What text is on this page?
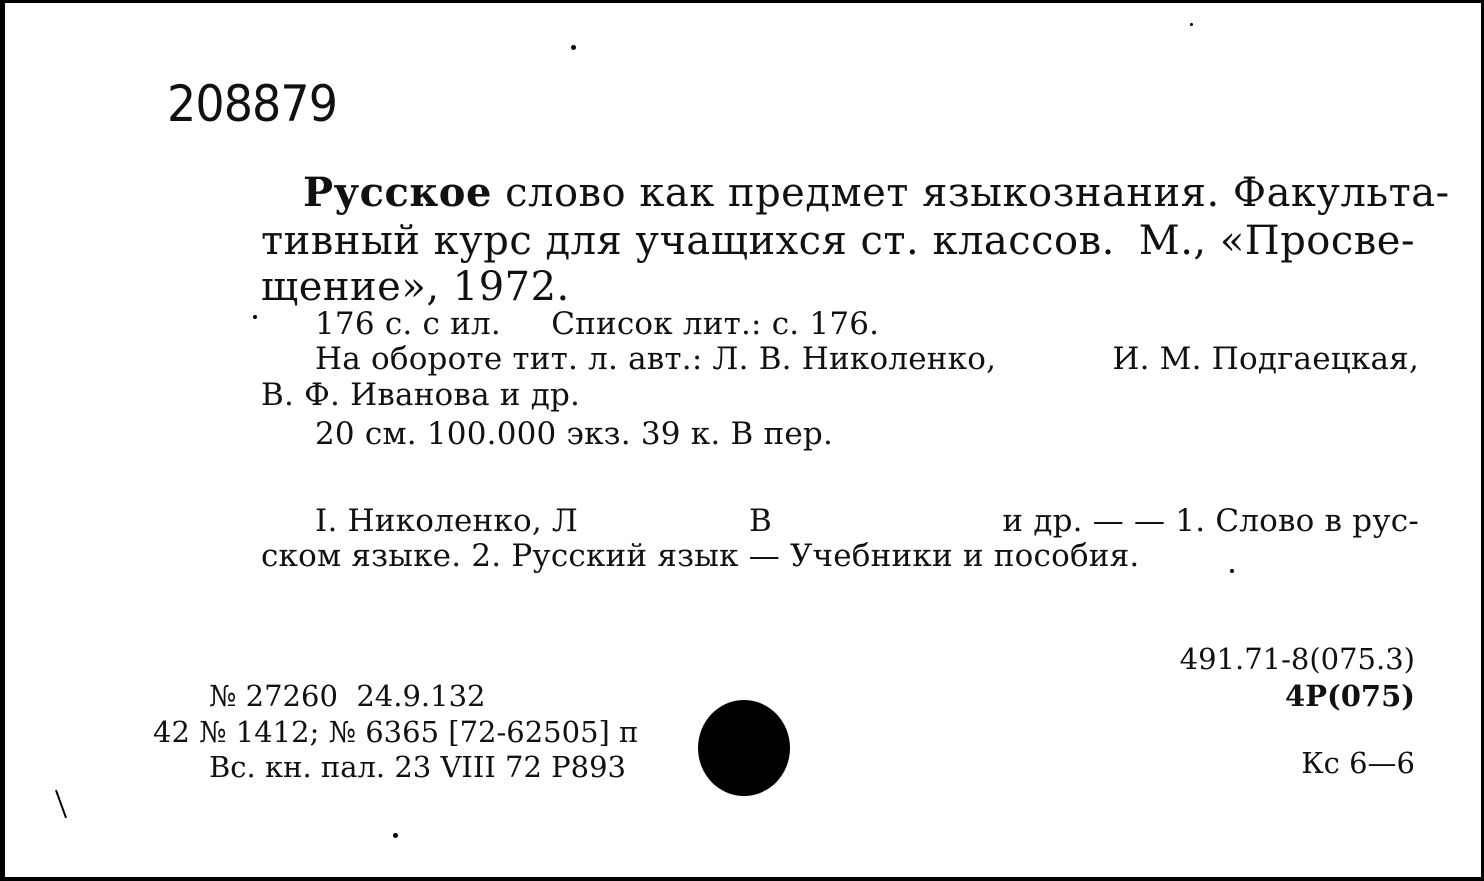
208879
Русское слово как предмет языкознания. Факульта-
тивный курс для учащихся ст. классов. М., «Просве-
щение», 1972.
176 с. с ил.     Список лит.: с. 176.
На обороте тит. л. авт.: Л. В. Николенко,	И. М. Подгаецкая,
В. Ф. Иванова и др.
20 см. 100.000 экз. 39 к. В пер.
I. Николенко, Л	В	и др. — — 1. Слово в рус-
ском языке. 2. Русский язык — Учебники и пособия.
491.71-8(075.3)
4Р(075)
Кс 6—6
№ 27260  24.9.132
42 № 1412; № 6365 [72-62505] п
Вс. кн. пал. 23 VIII 72 Р893
